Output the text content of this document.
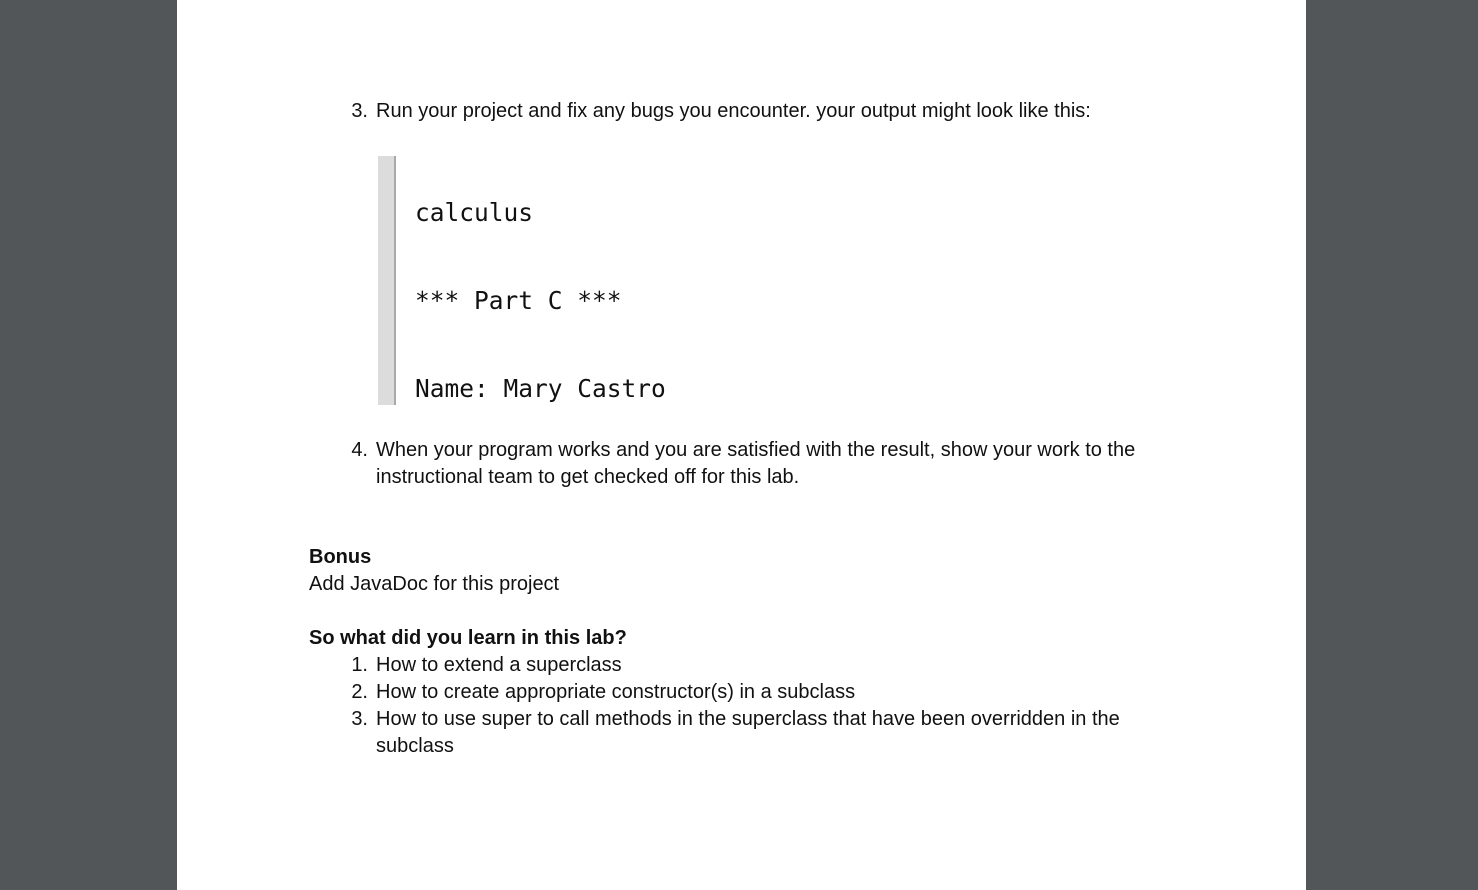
3. Run your project and fix any bugs you encounter. your output might look like this:

calculus

*** Part C ***

Name: Mary Castro

4. When your program works and you are satisfied with the result, show your work to the instructional team to get checked off for this lab.
Bonus
Add JavaDoc for this project
So what did you learn in this lab?
1. How to extend a superclass
2. How to create appropriate constructor(s) in a subclass
3. How to use super to call methods in the superclass that have been overridden in the subclass
